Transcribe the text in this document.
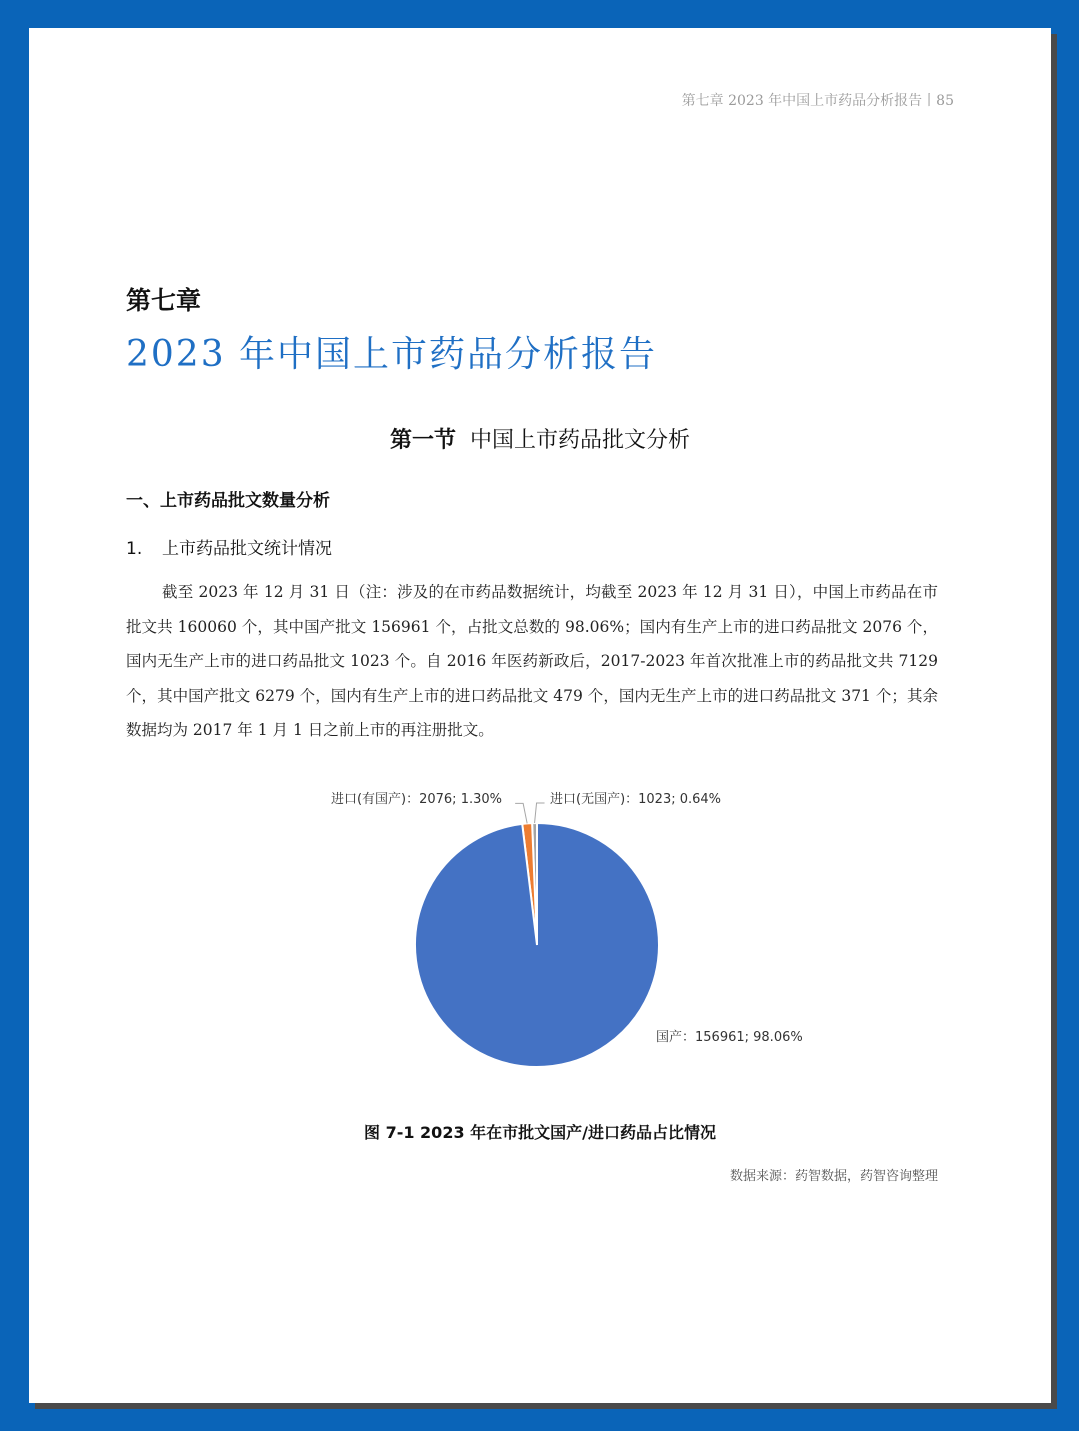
第七章 2023 年中国上市药品分析报告丨85
第七章
2023 年中国上市药品分析报告
第一节 中国上市药品批文分析
一、上市药品批文数量分析
1. 上市药品批文统计情况

截至 2023 年 12 月 31 日（注：涉及的在市药品数据统计，均截至 2023 年 12 月 31 日），中国上市药品在市批文共 160060 个，其中国产批文 156961 个，占批文总数的 98.06%；国内有生产上市的进口药品批文 2076 个，国内无生产上市的进口药品批文 1023 个。自 2016 年医药新政后，2017-2023 年首次批准上市的药品批文共 7129 个，其中国产批文 6279 个，国内有生产上市的进口药品批文 479 个，国内无生产上市的进口药品批文 371 个；其余数据均为 2017 年 1 月 1 日之前上市的再注册批文。

进口(有国产)：2076; 1.30%	进口(无国产)：1023; 0.64%
国产：156961; 98.06%
图 7-1 2023 年在市批文国产/进口药品占比情况
数据来源：药智数据，药智咨询整理
